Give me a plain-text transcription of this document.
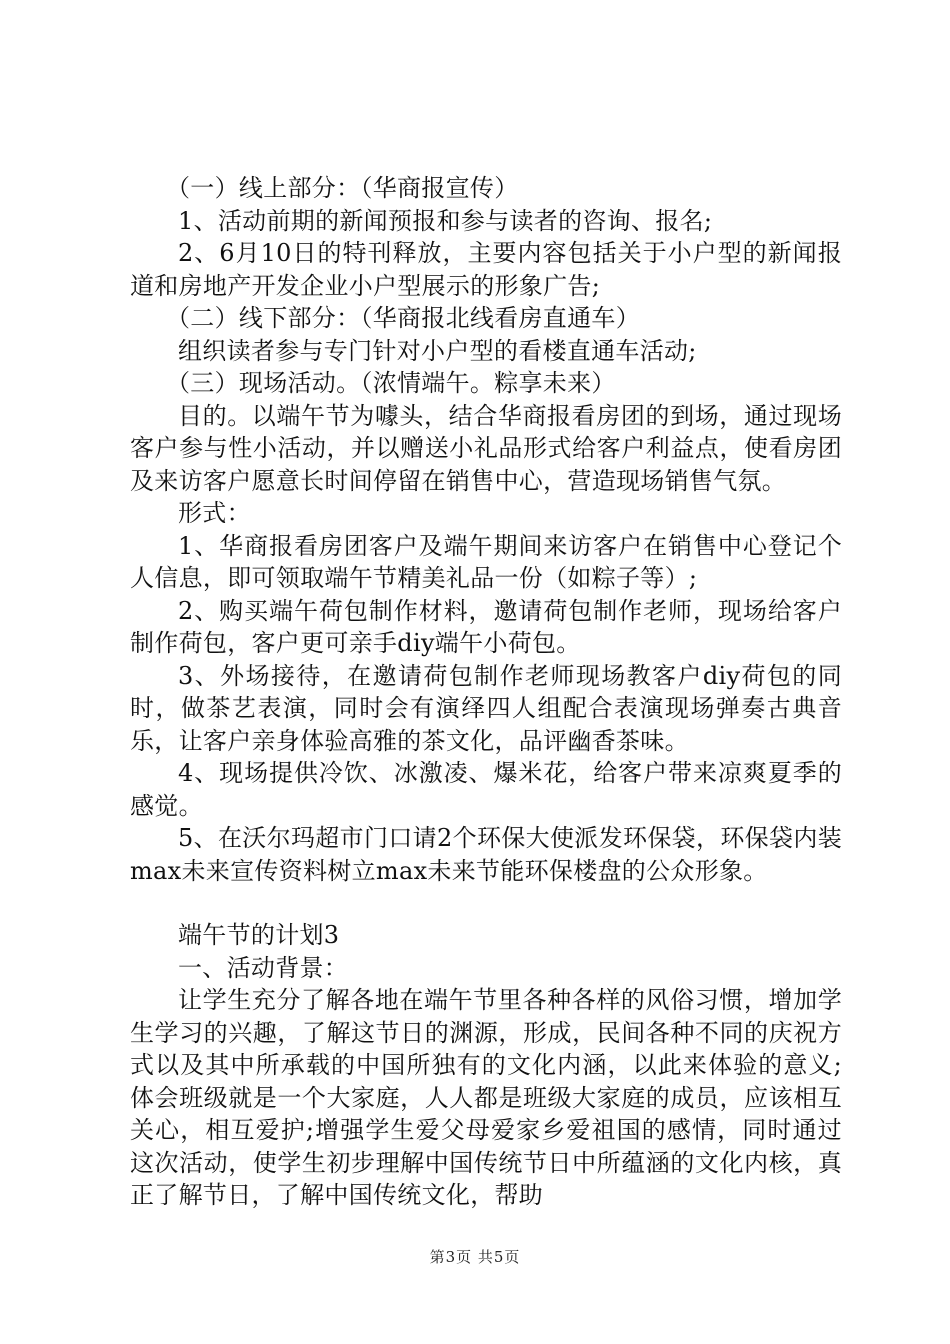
（一）线上部分：（华商报宣传）

1、活动前期的新闻预报和参与读者的咨询、报名;

2、6月10日的特刊释放，主要内容包括关于小户型的新闻报道和房地产开发企业小户型展示的形象广告;

（二）线下部分：（华商报北线看房直通车）

组织读者参与专门针对小户型的看楼直通车活动;

（三）现场活动。（浓情端午。粽享未来）

目的。以端午节为噱头，结合华商报看房团的到场，通过现场客户参与性小活动，并以赠送小礼品形式给客户利益点，使看房团及来访客户愿意长时间停留在销售中心，营造现场销售气氛。

形式：

1、华商报看房团客户及端午期间来访客户在销售中心登记个人信息，即可领取端午节精美礼品一份（如粽子等）;

2、购买端午荷包制作材料，邀请荷包制作老师，现场给客户制作荷包，客户更可亲手diy端午小荷包。

3、外场接待，在邀请荷包制作老师现场教客户diy荷包的同时，做茶艺表演，同时会有演绎四人组配合表演现场弹奏古典音乐，让客户亲身体验高雅的茶文化，品评幽香茶味。

4、现场提供冷饮、冰激凌、爆米花，给客户带来凉爽夏季的感觉。

5、在沃尔玛超市门口请2个环保大使派发环保袋，环保袋内装max未来宣传资料树立max未来节能环保楼盘的公众形象。

端午节的计划3

一、活动背景：

让学生充分了解各地在端午节里各种各样的风俗习惯，增加学生学习的兴趣，了解这节日的渊源，形成，民间各种不同的庆祝方式以及其中所承载的中国所独有的文化内涵，以此来体验的意义;体会班级就是一个大家庭，人人都是班级大家庭的成员，应该相互关心，相互爱护;增强学生爱父母爱家乡爱祖国的感情，同时通过这次活动，使学生初步理解中国传统节日中所蕴涵的文化内核，真正了解节日，了解中国传统文化，帮助

第3页 共5页
